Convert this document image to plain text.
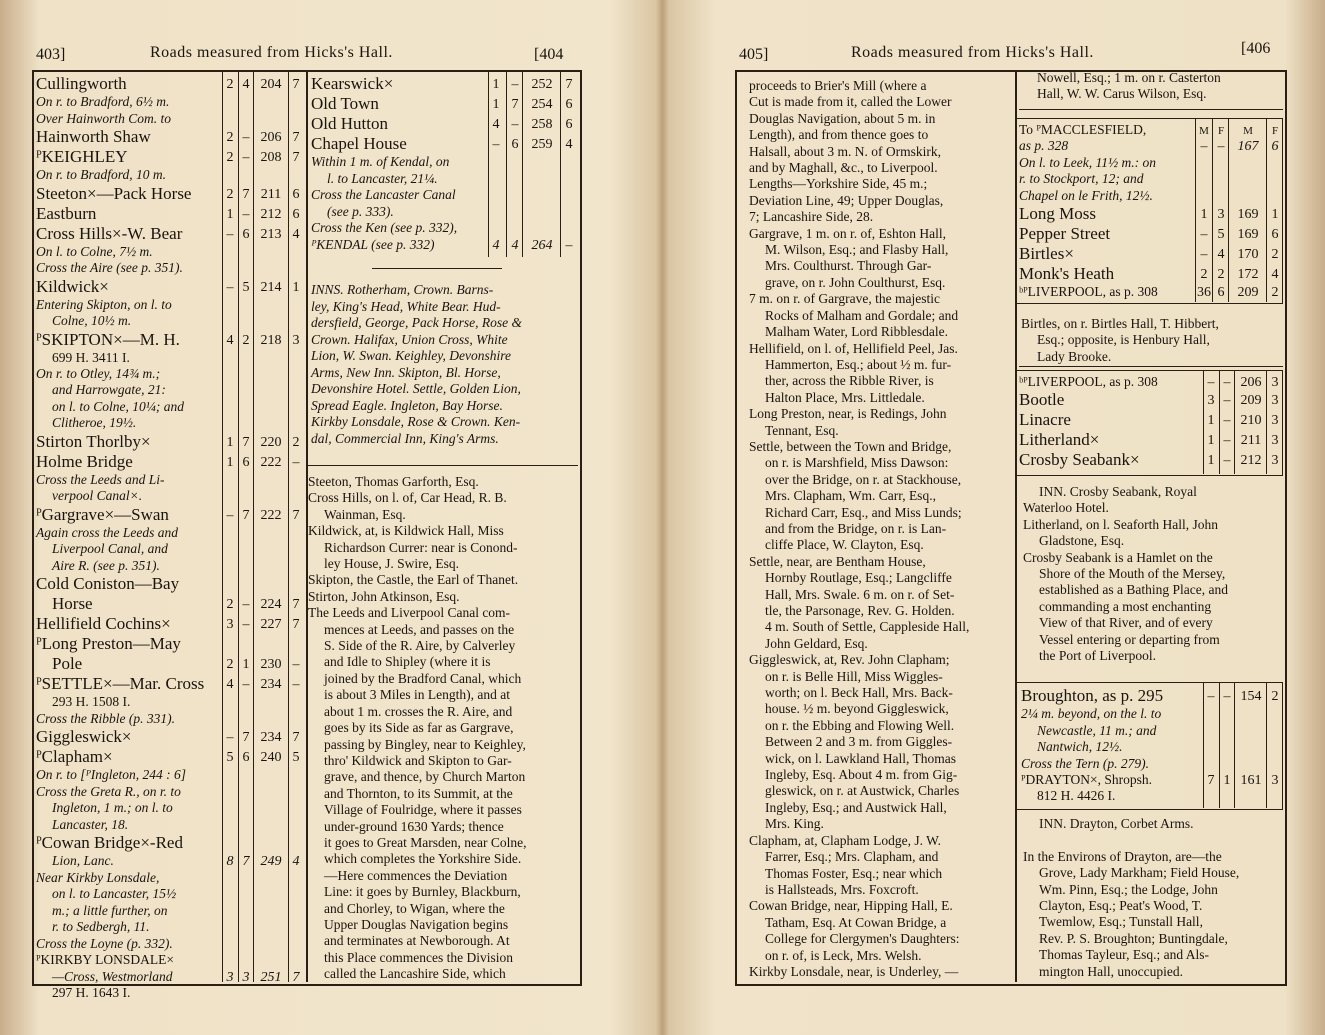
403]	Roads measured from Hicks's Hall.	[404
Cullingworth	2 4 204 7
On r. to Bradford, 6½ m.
Over Hainworth Com. to
Hainworth Shaw	2 – 206 7
ᴾKEIGHLEY	2 – 208 7
On r. to Bradford, 10 m.
Steeton×—Pack Horse	2 7 211 6
Eastburn	1 – 212 6
Cross Hills×-W. Bear	– 6 213 4
On l. to Colne, 7½ m.
Cross the Aire (see p. 351).
Kildwick×	– 5 214 1
Entering Skipton, on l. to
Colne, 10½ m.
ᴾSKIPTON×—M. H.	4 2 218 3
699 H. 3411 I.
On r. to Otley, 14¾ m.;
and Harrowgate, 21:
on l. to Colne, 10¼; and
Clitheroe, 19½.
Stirton Thorlby×	1 7 220 2
Holme Bridge	1 6 222 –
Cross the Leeds and Li-
verpool Canal×.
ᴾGargrave×—Swan	– 7 222 7
Again cross the Leeds and
Liverpool Canal, and
Aire R. (see p. 351).
Cold Coniston—Bay
Horse	2 – 224 7
Hellifield Cochins×	3 – 227 7
ᴾLong Preston—May
Pole	2 1 230 –
ᴾSETTLE×—Mar. Cross	4 – 234 –
293 H. 1508 I.
Cross the Ribble (p. 331).
Giggleswick×	– 7 234 7
ᴾClapham×	5 6 240 5
On r. to [ᴾIngleton, 244 : 6]
Cross the Greta R., on r. to
Ingleton, 1 m.; on l. to
Lancaster, 18.
ᴾCowan Bridge×-Red
Lion, Lanc.	8 7 249 4
Near Kirkby Lonsdale,
on l. to Lancaster, 15½
m.; a little further, on
r. to Sedbergh, 11.
Cross the Loyne (p. 332).
ᴾKIRKBY LONSDALE×
—Cross, Westmorland	3 3 251 7
297 H. 1643 I.
Kearswick×	1 – 252 7
Old Town	1 7 254 6
Old Hutton	4 – 258 6
Chapel House	– 6 259 4
Within 1 m. of Kendal, on
l. to Lancaster, 21¼.
Cross the Lancaster Canal
(see p. 333).
Cross the Ken (see p. 332),
ᴾKENDAL (see p. 332)	4 4 264 –
INNS. Rotherham, Crown. Barns-
ley, King's Head, White Bear. Hud-
dersfield, George, Pack Horse, Rose &
Crown. Halifax, Union Cross, White
Lion, W. Swan. Keighley, Devonshire
Arms, New Inn. Skipton, Bl. Horse,
Devonshire Hotel. Settle, Golden Lion,
Spread Eagle. Ingleton, Bay Horse.
Kirkby Lonsdale, Rose & Crown. Ken-
dal, Commercial Inn, King's Arms.
Steeton, Thomas Garforth, Esq.
Cross Hills, on l. of, Car Head, R. B.
Wainman, Esq.
Kildwick, at, is Kildwick Hall, Miss
Richardson Currer: near is Conond-
ley House, J. Swire, Esq.
Skipton, the Castle, the Earl of Thanet.
Stirton, John Atkinson, Esq.
The Leeds and Liverpool Canal com-
mences at Leeds, and passes on the
S. Side of the R. Aire, by Calverley
and Idle to Shipley (where it is
joined by the Bradford Canal, which
is about 3 Miles in Length), and at
about 1 m. crosses the R. Aire, and
goes by its Side as far as Gargrave,
passing by Bingley, near to Keighley,
thro' Kildwick and Skipton to Gar-
grave, and thence, by Church Marton
and Thornton, to its Summit, at the
Village of Foulridge, where it passes
under-ground 1630 Yards; thence
it goes to Great Marsden, near Colne,
which completes the Yorkshire Side.
—Here commences the Deviation
Line: it goes by Burnley, Blackburn,
and Chorley, to Wigan, where the
Upper Douglas Navigation begins
and terminates at Newborough. At
this Place commences the Division
called the Lancashire Side, which
405]	Roads measured from Hicks's Hall.	[406
proceeds to Brier's Mill (where a
Cut is made from it, called the Lower
Douglas Navigation, about 5 m. in
Length), and from thence goes to
Halsall, about 3 m. N. of Ormskirk,
and by Maghall, &c., to Liverpool.
Lengths—Yorkshire Side, 45 m.;
Deviation Line, 49; Upper Douglas,
7; Lancashire Side, 28.
Gargrave, 1 m. on r. of, Eshton Hall,
M. Wilson, Esq.; and Flasby Hall,
Mrs. Coulthurst. Through Gar-
grave, on r. John Coulthurst, Esq.
7 m. on r. of Gargrave, the majestic
Rocks of Malham and Gordale; and
Malham Water, Lord Ribblesdale.
Hellifield, on l. of, Hellifield Peel, Jas.
Hammerton, Esq.; about ½ m. fur-
ther, across the Ribble River, is
Halton Place, Mrs. Littledale.
Long Preston, near, is Redings, John
Tennant, Esq.
Settle, between the Town and Bridge,
on r. is Marshfield, Miss Dawson:
over the Bridge, on r. at Stackhouse,
Mrs. Clapham, Wm. Carr, Esq.,
Richard Carr, Esq., and Miss Lunds;
and from the Bridge, on r. is Lan-
cliffe Place, W. Clayton, Esq.
Settle, near, are Bentham House,
Hornby Routlage, Esq.; Langcliffe
Hall, Mrs. Swale. 6 m. on r. of Set-
tle, the Parsonage, Rev. G. Holden.
4 m. South of Settle, Cappleside Hall,
John Geldard, Esq.
Giggleswick, at, Rev. John Clapham;
on r. is Belle Hill, Miss Wiggles-
worth; on l. Beck Hall, Mrs. Back-
house. ½ m. beyond Giggleswick,
on r. the Ebbing and Flowing Well.
Between 2 and 3 m. from Giggles-
wick, on l. Lawkland Hall, Thomas
Ingleby, Esq. About 4 m. from Gig-
gleswick, on r. at Austwick, Charles
Ingleby, Esq.; and Austwick Hall,
Mrs. King.
Clapham, at, Clapham Lodge, J. W.
Farrer, Esq.; Mrs. Clapham, and
Thomas Foster, Esq.; near which
is Hallsteads, Mrs. Foxcroft.
Cowan Bridge, near, Hipping Hall, E.
Tatham, Esq. At Cowan Bridge, a
College for Clergymen's Daughters:
on r. of, is Leck, Mrs. Welsh.
Kirkby Lonsdale, near, is Underley, —
Nowell, Esq.; 1 m. on r. Casterton
Hall, W. W. Carus Wilson, Esq.
To ᴾMACCLESFIELD,	M F	M	F
as p. 328	– – 167 6
On l. to Leek, 11½ m.: on
r. to Stockport, 12; and
Chapel on le Frith, 12½.
Long Moss	1 3 169 1
Pepper Street	– 5 169 6
Birtles×	– 4 170 2
Monk's Heath	2 2 172 4
ᵇᴾLIVERPOOL, as p. 308	36 6 209 2
Birtles, on r. Birtles Hall, T. Hibbert,
Esq.; opposite, is Henbury Hall,
Lady Brooke.
ᵇᴾLIVERPOOL, as p. 308	– – 206 3
Bootle	3 – 209 3
Linacre	1 – 210 3
Litherland×	1 – 211 3
Crosby Seabank×	1 – 212 3
INN. Crosby Seabank, Royal
Waterloo Hotel.
Litherland, on l. Seaforth Hall, John
Gladstone, Esq.
Crosby Seabank is a Hamlet on the
Shore of the Mouth of the Mersey,
established as a Bathing Place, and
commanding a most enchanting
View of that River, and of every
Vessel entering or departing from
the Port of Liverpool.
Broughton, as p. 295	– – 154 2
2¼ m. beyond, on the l. to
Newcastle, 11 m.; and
Nantwich, 12½.
Cross the Tern (p. 279).
ᴾDRAYTON×, Shropsh.	7 1 161 3
812 H. 4426 I.
INN. Drayton, Corbet Arms.

In the Environs of Drayton, are—the
Grove, Lady Markham; Field House,
Wm. Pinn, Esq.; the Lodge, John
Clayton, Esq.; Peat's Wood, T.
Twemlow, Esq.; Tunstall Hall,
Rev. P. S. Broughton; Buntingdale,
Thomas Tayleur, Esq.; and Als-
mington Hall, unoccupied.
